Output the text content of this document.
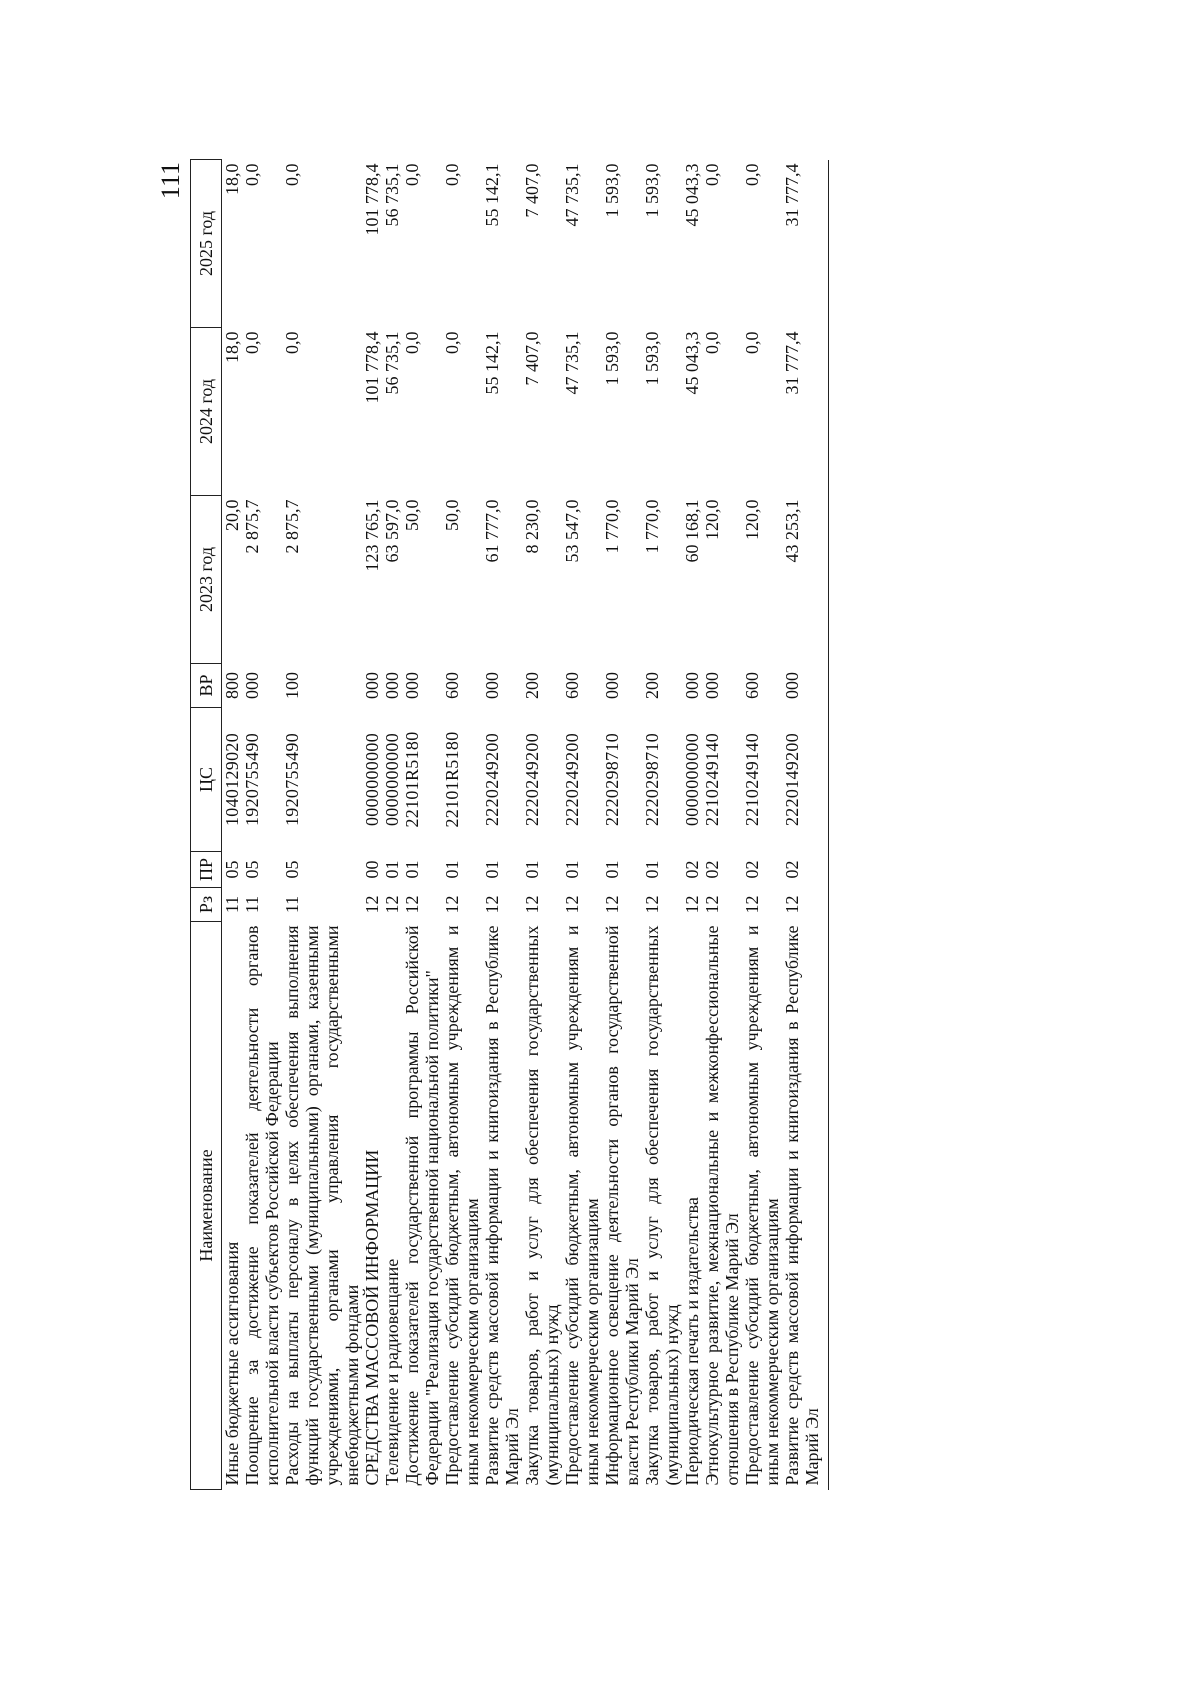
111
Наименование	Рз	ПР	ЦС	ВР	2023 год	2024 год	2025 год
Иные бюджетные ассигнования	11	05	1040129020	800	20,0	18,0	18,0
Поощрение за достижение показателей деятельности органов исполнительной власти субъектов Российской Федерации	11	05	1920755490	000	2 875,7	0,0	0,0
Расходы на выплаты персоналу в целях обеспечения выполнения функций государственными (муниципальными) органами, казенными учреждениями, органами управления государственными внебюджетными фондами	11	05	1920755490	100	2 875,7	0,0	0,0
СРЕДСТВА МАССОВОЙ ИНФОРМАЦИИ	12	00	0000000000	000	123 765,1	101 778,4	101 778,4
Телевидение и радиовещание	12	01	0000000000	000	63 597,0	56 735,1	56 735,1
Достижение показателей государственной программы Российской Федерации "Реализация государственной национальной политики"	12	01	22101R5180	000	50,0	0,0	0,0
Предоставление субсидий бюджетным, автономным учреждениям и иным некоммерческим организациям	12	01	22101R5180	600	50,0	0,0	0,0
Развитие средств массовой информации и книгоиздания в Республике Марий Эл	12	01	2220249200	000	61 777,0	55 142,1	55 142,1
Закупка товаров, работ и услуг для обеспечения государственных (муниципальных) нужд	12	01	2220249200	200	8 230,0	7 407,0	7 407,0
Предоставление субсидий бюджетным, автономным учреждениям и иным некоммерческим организациям	12	01	2220249200	600	53 547,0	47 735,1	47 735,1
Информационное освещение деятельности органов государственной власти Республики Марий Эл	12	01	2220298710	000	1 770,0	1 593,0	1 593,0
Закупка товаров, работ и услуг для обеспечения государственных (муниципальных) нужд	12	01	2220298710	200	1 770,0	1 593,0	1 593,0
Периодическая печать и издательства	12	02	0000000000	000	60 168,1	45 043,3	45 043,3
Этнокультурное развитие, межнациональные и межконфессиональные отношения в Республике Марий Эл	12	02	2210249140	000	120,0	0,0	0,0
Предоставление субсидий бюджетным, автономным учреждениям и иным некоммерческим организациям	12	02	2210249140	600	120,0	0,0	0,0
Развитие средств массовой информации и книгоиздания в Республике Марий Эл	12	02	2220149200	000	43 253,1	31 777,4	31 777,4
